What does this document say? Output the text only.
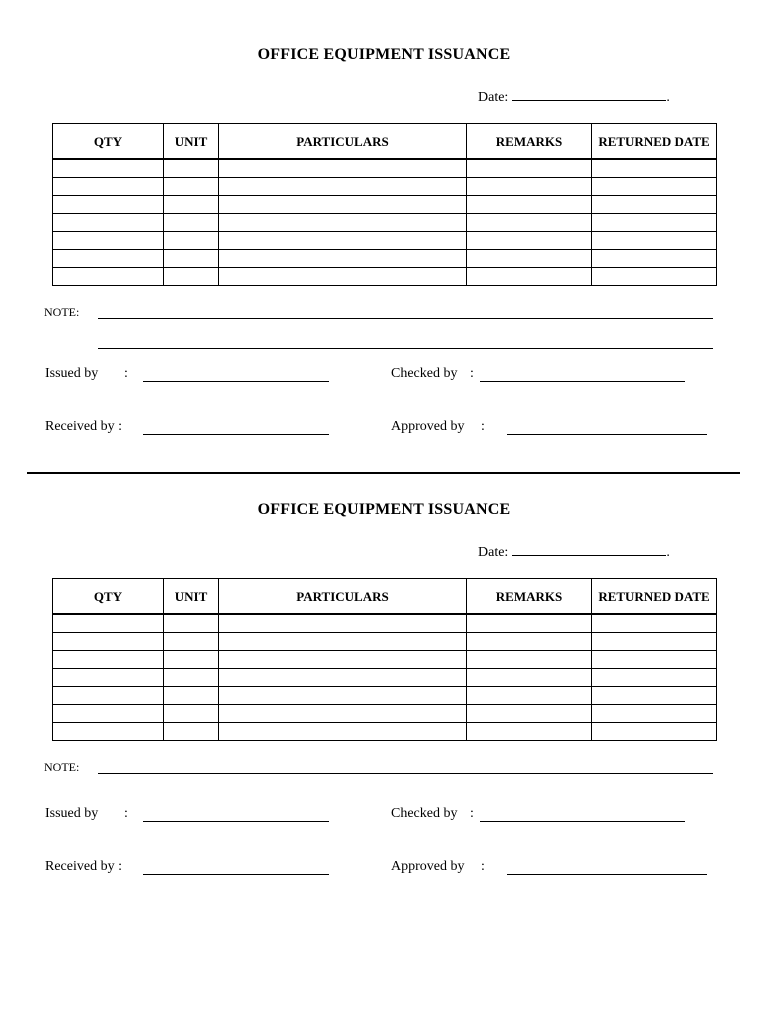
OFFICE EQUIPMENT ISSUANCE
Date:	.
QTY	UNIT	PARTICULARS	REMARKS	RETURNED DATE

NOTE:
Issued by :	Checked by :
Received by :	Approved by :
OFFICE EQUIPMENT ISSUANCE
Date:	.
QTY	UNIT	PARTICULARS	REMARKS	RETURNED DATE

NOTE:
Issued by :	Checked by :
Received by :	Approved by :
